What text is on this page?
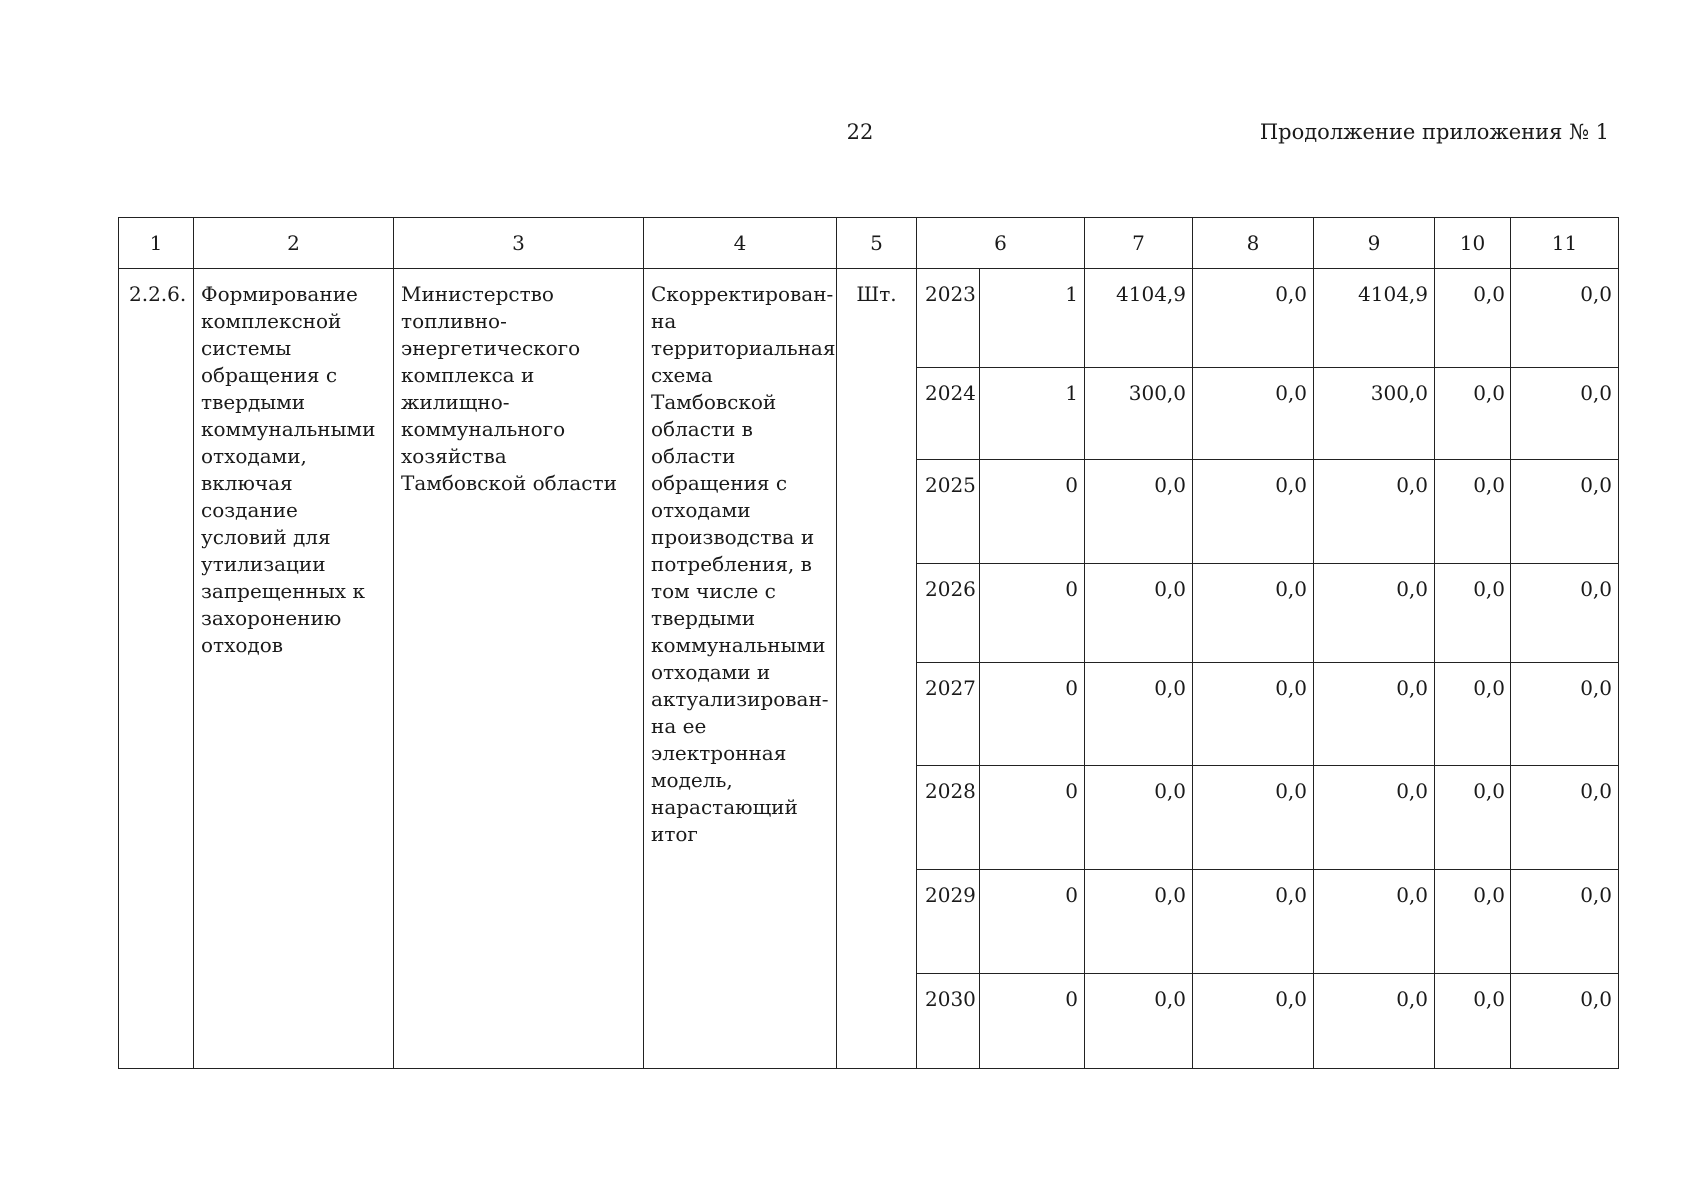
22	Продолжение приложения № 1
1	2	3	4	5	6		7	8	9	10	11

2.2.6.	Формирование комплексной системы обращения с твердыми коммунальными отходами, включая создание условий для утилизации запрещенных к захоронению отходов	Министерство топливно-энергетического комплекса и жилищно-коммунального хозяйства Тамбовской области	Скорректирован-на территориальная схема Тамбовской области в области обращения с отходами производства и потребления, в том числе с твердыми коммунальными отходами и актуализирован-на ее электронная модель, нарастающий итог	Шт.	2023	1	4104,9	0,0	4104,9	0,0	0,0

					2024	1	300,0	0,0	300,0	0,0	0,0

					2025	0	0,0	0,0	0,0	0,0	0,0

					2026	0	0,0	0,0	0,0	0,0	0,0

					2027	0	0,0	0,0	0,0	0,0	0,0

					2028	0	0,0	0,0	0,0	0,0	0,0

					2029	0	0,0	0,0	0,0	0,0	0,0

					2030	0	0,0	0,0	0,0	0,0	0,0
